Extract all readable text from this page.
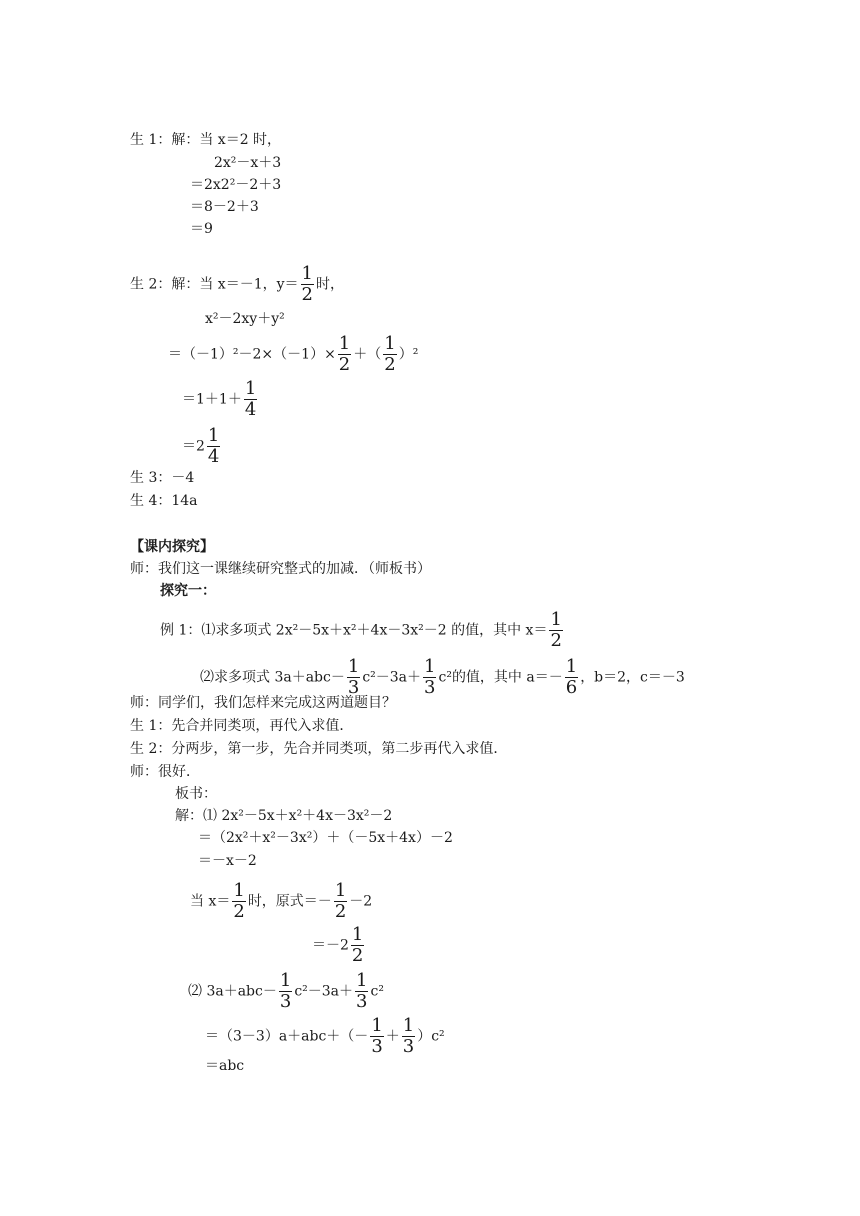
生 1：解：当 x＝2 时，
2x²－x＋3
＝2x2²－2＋3
＝8－2＋3
＝9
生 2：解：当 x＝－1，$y= \frac{1}{2}$ 时，
x²－2xy＋y²
$=(-1)^2-2\times(-1)\times \frac{1}{2}$ ＋（ $\frac{1}{2} )^2$
$=1+1+ \frac{1}{4}$
$=2 \frac{1}{4}$
生 3：－4
生 4：14a
【课内探究】
师：我们这一课继续研究整式的加减．（师板书）
探究一：
例 1：⑴求多项式 2x²－5x＋x²＋4x－3x²－2 的值，其中 $x= \frac{1}{2}$
⑵求多项式 $3a+abc- \frac{1}{3} c^2-3a+ \frac{1}{3} c^2$的值，其中 $a=- \frac{1}{6}$ ，b＝2，c＝－3
师：同学们，我们怎样来完成这两道题目？
生 1：先合并同类项，再代入求值．
生 2：分两步，第一步，先合并同类项，第二步再代入求值．
师：很好．
板书：
解：⑴ 2x²－5x＋x²＋4x－3x²－2
＝（2x²＋x²－3x²）＋（－5x＋4x）－2
＝－x－2
当 $x= \frac{1}{2}$ 时，原式＝－ $\frac{1}{2} -2$
$=-2 \frac{1}{2}$
⑵ $3a+abc- \frac{1}{3} c^2-3a+ \frac{1}{3} c^2$
$=(3-3)a+abc+(- \frac{1}{3} + \frac{1}{3} )c^2$
＝abc
